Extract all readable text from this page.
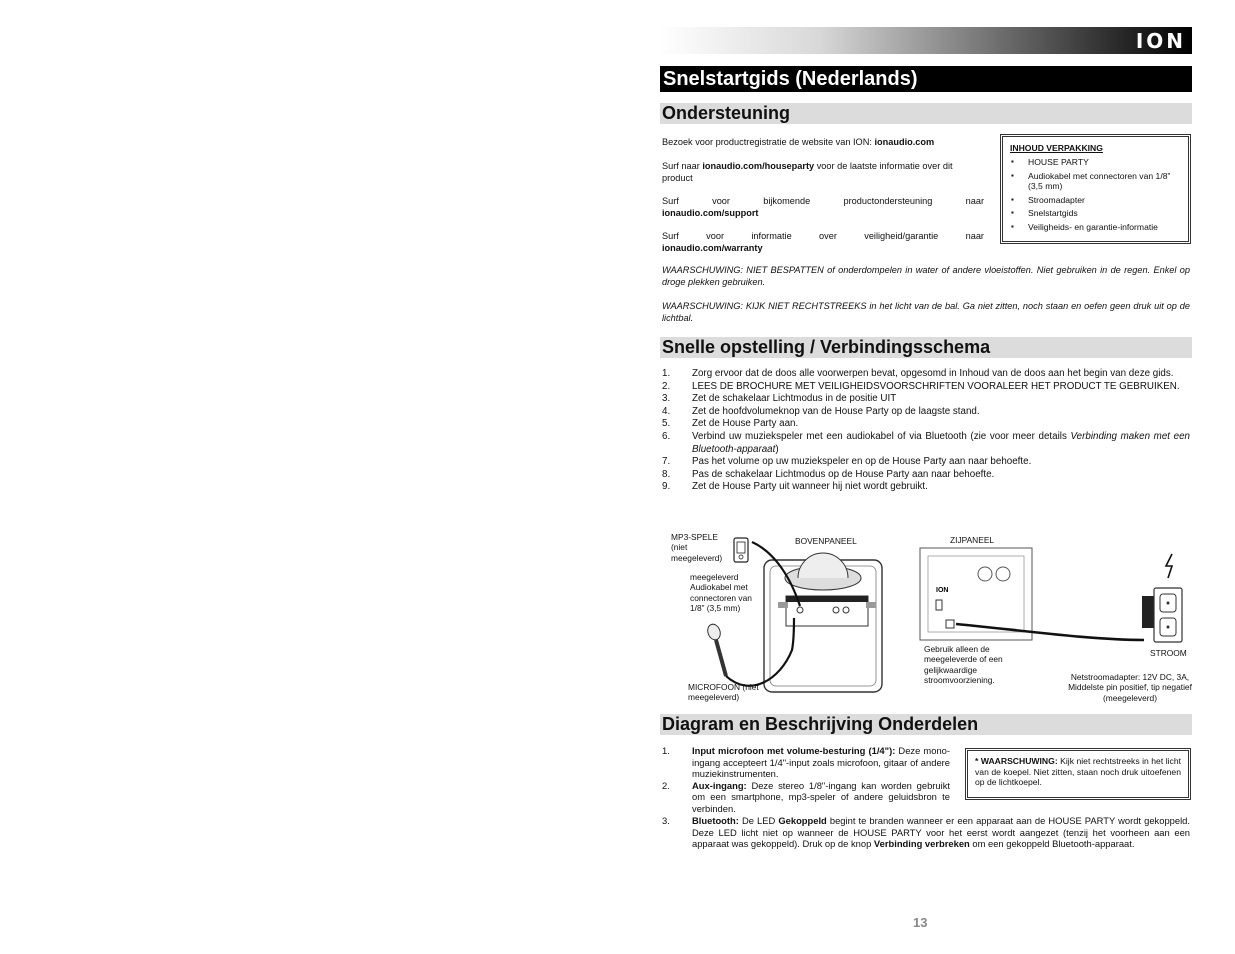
ION
Snelstartgids (Nederlands)
Ondersteuning
Bezoek voor productregistratie de website van ION: ionaudio.com
Surf naar ionaudio.com/houseparty voor de laatste informatie over dit product
Surf voor bijkomende productondersteuning naar
ionaudio.com/support
Surf voor informatie over veiligheid/garantie naar
ionaudio.com/warranty
INHOUD VERPAKKING
▪ HOUSE PARTY
▪ Audiokabel met connectoren van 1/8” (3,5 mm)
▪ Stroomadapter
▪ Snelstartgids
▪ Veiligheids- en garantie-informatie
WAARSCHUWING: NIET BESPATTEN of onderdompelen in water of andere vloeistoffen. Niet gebruiken in de regen. Enkel op droge plekken gebruiken.
WAARSCHUWING: KIJK NIET RECHTSTREEKS in het licht van de bal. Ga niet zitten, noch staan en oefen geen druk uit op de lichtbal.
Snelle opstelling / Verbindingsschema
1. Zorg ervoor dat de doos alle voorwerpen bevat, opgesomd in Inhoud van de doos aan het begin van deze gids.
2. LEES DE BROCHURE MET VEILIGHEIDSVOORSCHRIFTEN VOORALEER HET PRODUCT TE GEBRUIKEN.
3. Zet de schakelaar Lichtmodus in de positie UIT
4. Zet de hoofdvolumeknop van de House Party op de laagste stand.
5. Zet de House Party aan.
6. Verbind uw muziekspeler met een audiokabel of via Bluetooth (zie voor meer details Verbinding maken met een Bluetooth-apparaat)
7. Pas het volume op uw muziekspeler en op de House Party aan naar behoefte.
8. Pas de schakelaar Lichtmodus op de House Party aan naar behoefte.
9. Zet de House Party uit wanneer hij niet wordt gebruikt.
ION
MP3-SPELE (niet meegeleverd)
BOVENPANEEL	ZIJPANEEL
meegeleverd Audiokabel met connectoren van 1/8” (3,5 mm)
MICROFOON (niet meegeleverd)
Gebruik alleen de meegeleverde of een gelijkwaardige stroomvoorziening.
STROOM
Netstroomadapter: 12V DC, 3A, Middelste pin positief, tip negatief (meegeleverd)
Diagram en Beschrijving Onderdelen
1. Input microfoon met volume-besturing (1/4"): Deze mono-ingang accepteert 1/4"-input zoals microfoon, gitaar of andere muziekinstrumenten.
2. Aux-ingang: Deze stereo 1/8"-ingang kan worden gebruikt om een smartphone, mp3-speler of andere geluidsbron te verbinden.
* WAARSCHUWING: Kijk niet rechtstreeks in het licht van de koepel. Niet zitten, staan noch druk uitoefenen op de lichtkoepel.
3. Bluetooth: De LED Gekoppeld begint te branden wanneer er een apparaat aan de HOUSE PARTY wordt gekoppeld. Deze LED licht niet op wanneer de HOUSE PARTY voor het eerst wordt aangezet (tenzij het voorheen aan een apparaat was gekoppeld). Druk op de knop Verbinding verbreken om een gekoppeld Bluetooth-apparaat.
13
